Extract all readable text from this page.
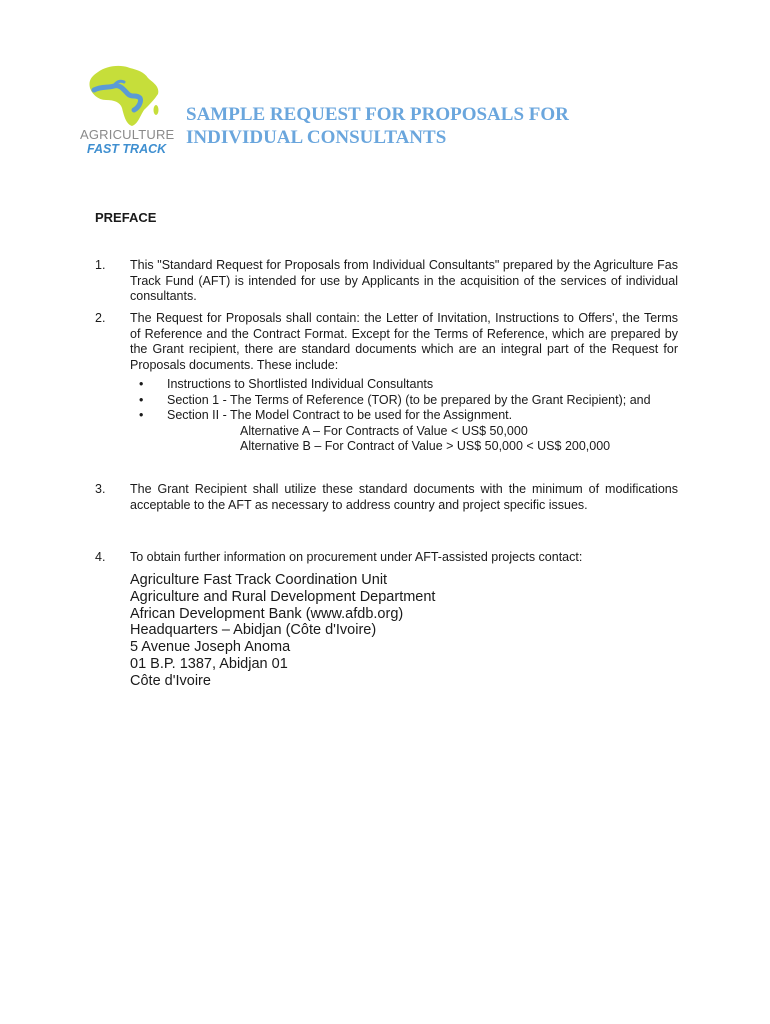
AGRICULTURE
FAST TRACK
SAMPLE REQUEST FOR PROPOSALS FOR
INDIVIDUAL CONSULTANTS
PREFACE
1. This "Standard Request for Proposals from Individual Consultants" prepared by the Agriculture Fas Track Fund (AFT) is intended for use by Applicants in the acquisition of the services of individual consultants.
2. The Request for Proposals shall contain: the Letter of Invitation, Instructions to Offers', the Terms of Reference and the Contract Format. Except for the Terms of Reference, which are prepared by the Grant recipient, there are standard documents which are an integral part of the Request for Proposals documents. These include:
• Instructions to Shortlisted Individual Consultants
• Section 1 - The Terms of Reference (TOR) (to be prepared by the Grant Recipient); and
• Section II - The Model Contract to be used for the Assignment.
Alternative A – For Contracts of Value < US$ 50,000
Alternative B – For Contract of Value > US$ 50,000 < US$ 200,000
3. The Grant Recipient shall utilize these standard documents with the minimum of modifications acceptable to the AFT as necessary to address country and project specific issues.
4. To obtain further information on procurement under AFT-assisted projects contact:
Agriculture Fast Track Coordination Unit
Agriculture and Rural Development Department
African Development Bank (www.afdb.org)
Headquarters – Abidjan (Côte d'Ivoire)
5 Avenue Joseph Anoma
01 B.P. 1387, Abidjan 01
Côte d'Ivoire
